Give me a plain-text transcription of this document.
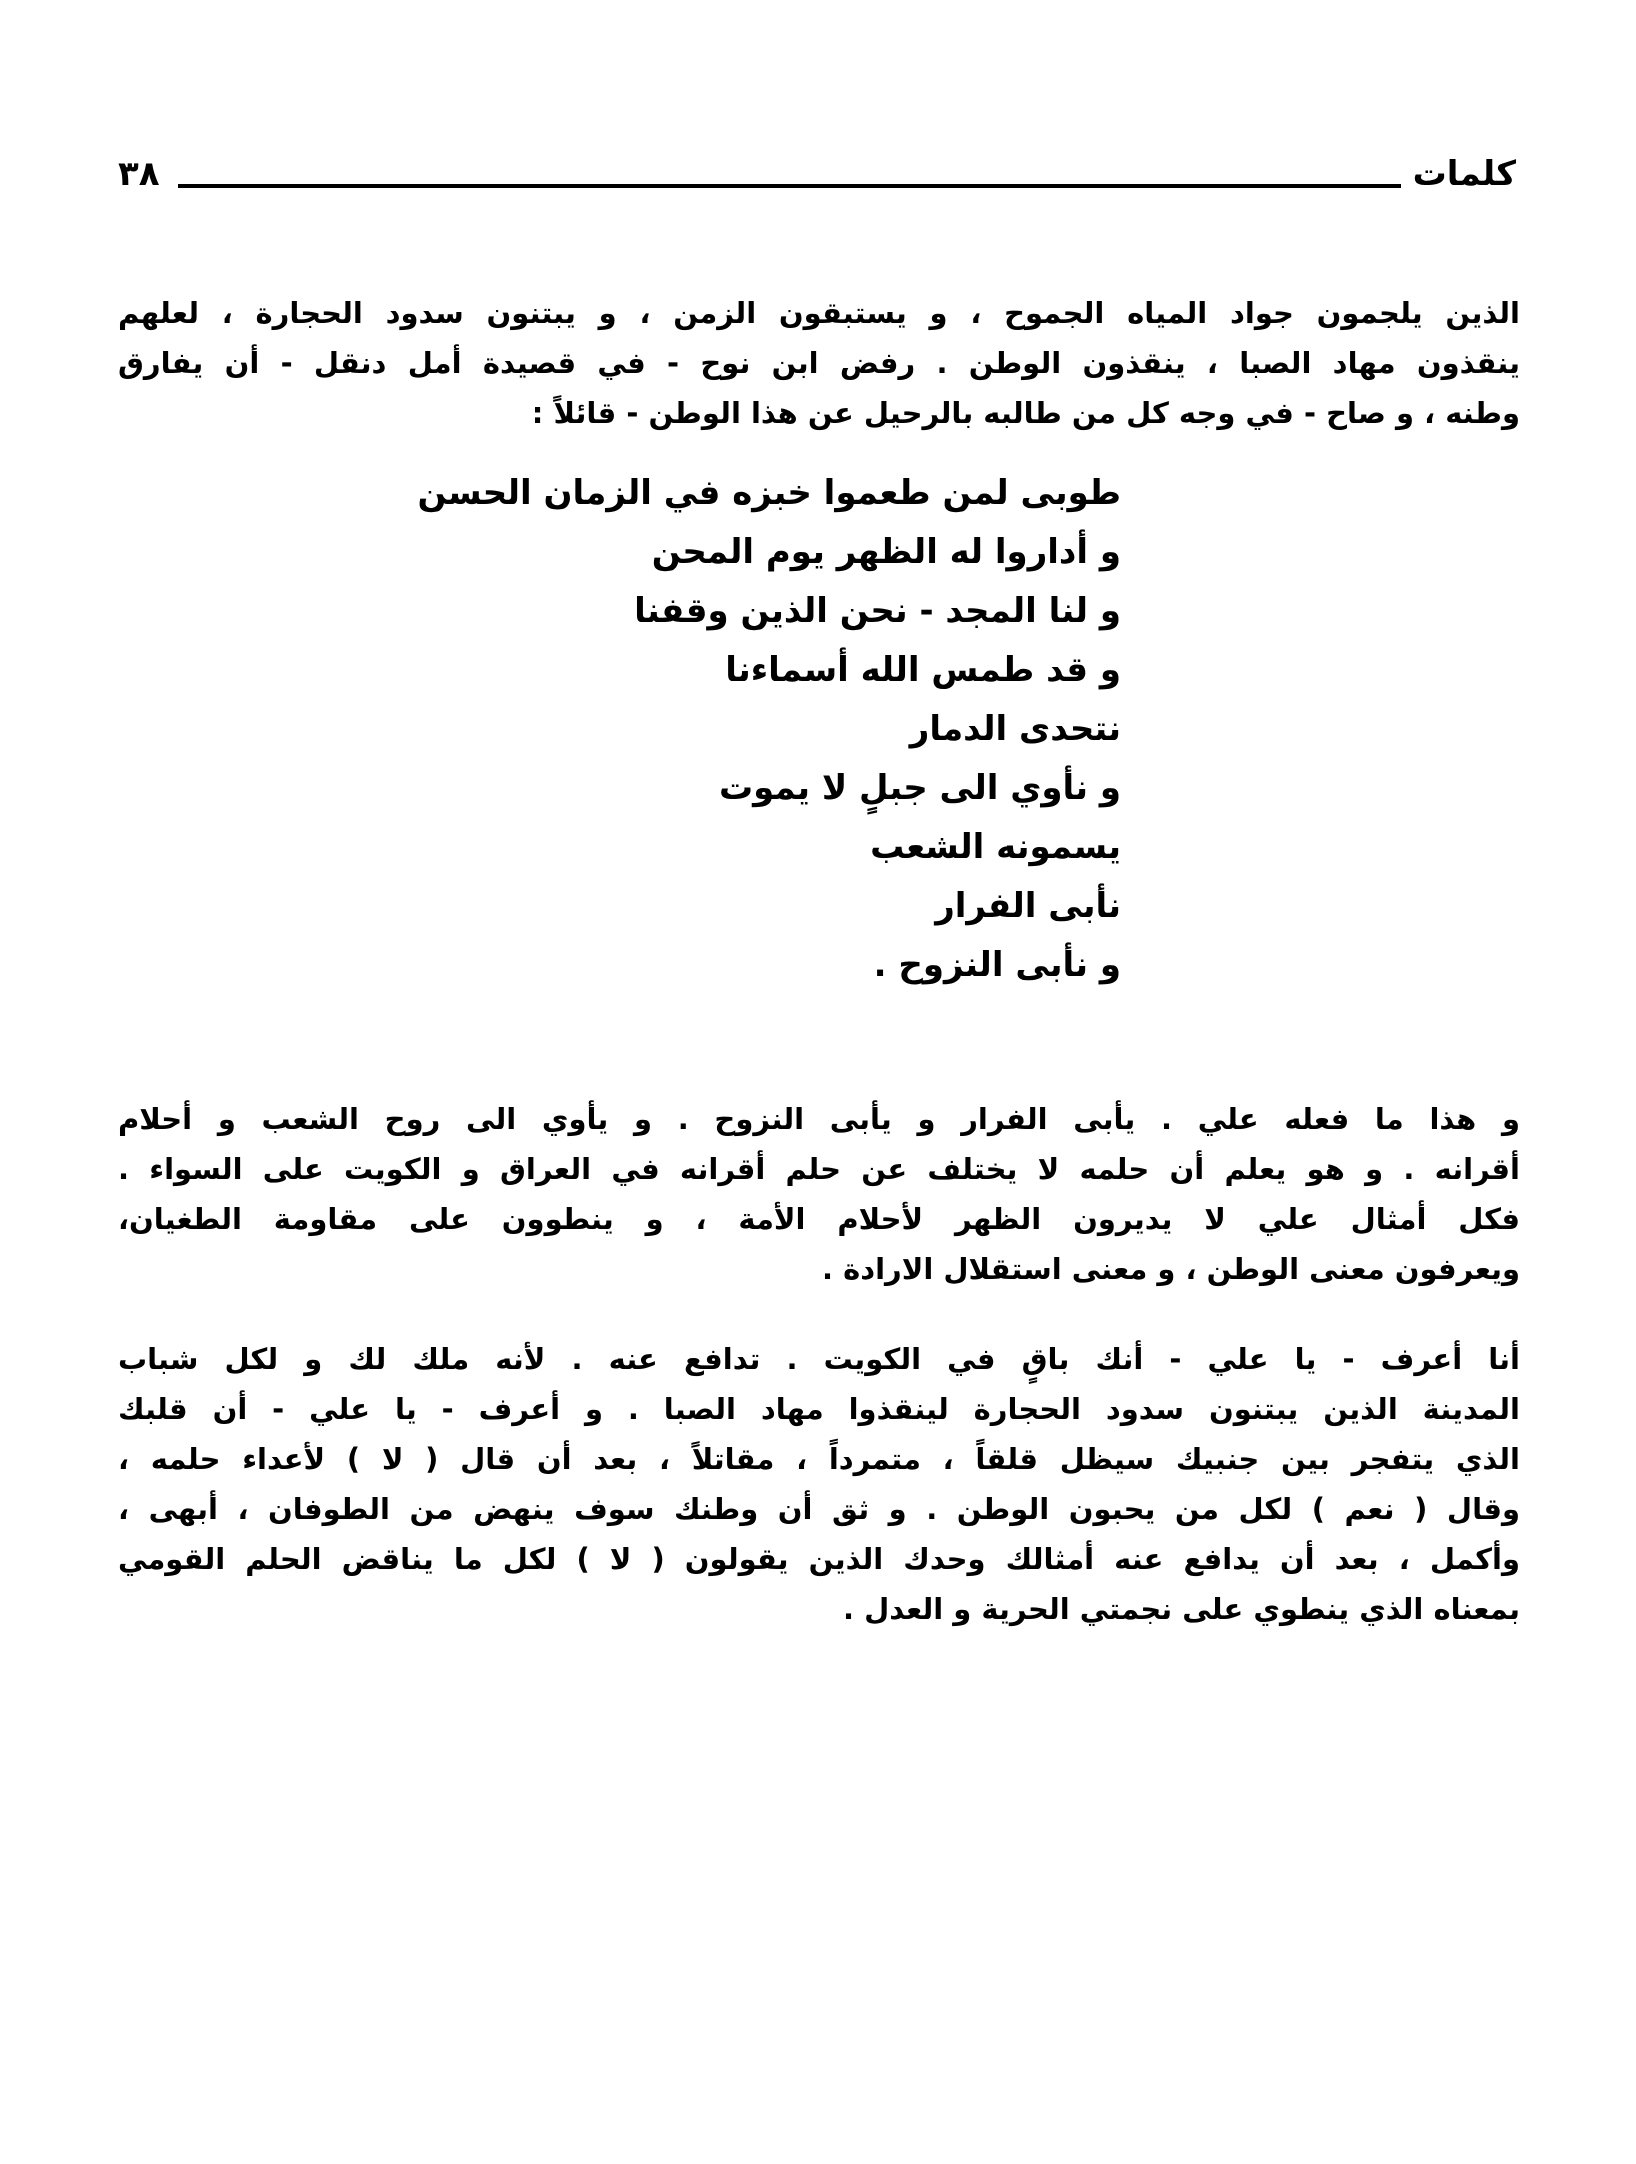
٣٨	كلمات

الذين يلجمون جواد المياه الجموح ، و يستبقون الزمن ، و يبتنون سدود الحجارة ، لعلهم
ينقذون مهاد الصبا ، ينقذون الوطن . رفض ابن نوح - في قصيدة أمل دنقل - أن يفارق
وطنه ، و صاح - في وجه كل من طالبه بالرحيل عن هذا الوطن - قائلاً :

طوبى لمن طعموا خبزه في الزمان الحسن
و أداروا له الظهر يوم المحن
و لنا المجد - نحن الذين وقفنا
و قد طمس الله أسماءنا
نتحدى الدمار
و نأوي الى جبلٍ لا يموت
يسمونه الشعب
نأبى الفرار
و نأبى النزوح .

و هذا ما فعله علي . يأبى الفرار و يأبى النزوح . و يأوي الى روح الشعب و أحلام
أقرانه . و هو يعلم أن حلمه لا يختلف عن حلم أقرانه في العراق و الكويت على السواء .
فكل أمثال علي لا يديرون الظهر لأحلام الأمة ، و ينطوون على مقاومة الطغيان،
ويعرفون معنى الوطن ، و معنى استقلال الارادة .

أنا أعرف - يا علي - أنك باقٍ في الكويت . تدافع عنه . لأنه ملك لك و لكل شباب
المدينة الذين يبتنون سدود الحجارة لينقذوا مهاد الصبا . و أعرف - يا علي - أن قلبك
الذي يتفجر بين جنبيك سيظل قلقاً ، متمرداً ، مقاتلاً ، بعد أن قال ( لا ) لأعداء حلمه ،
وقال ( نعم ) لكل من يحبون الوطن . و ثق أن وطنك سوف ينهض من الطوفان ، أبهى ،
وأكمل ، بعد أن يدافع عنه أمثالك وحدك الذين يقولون ( لا ) لكل ما يناقض الحلم القومي
بمعناه الذي ينطوي على نجمتي الحرية و العدل .
